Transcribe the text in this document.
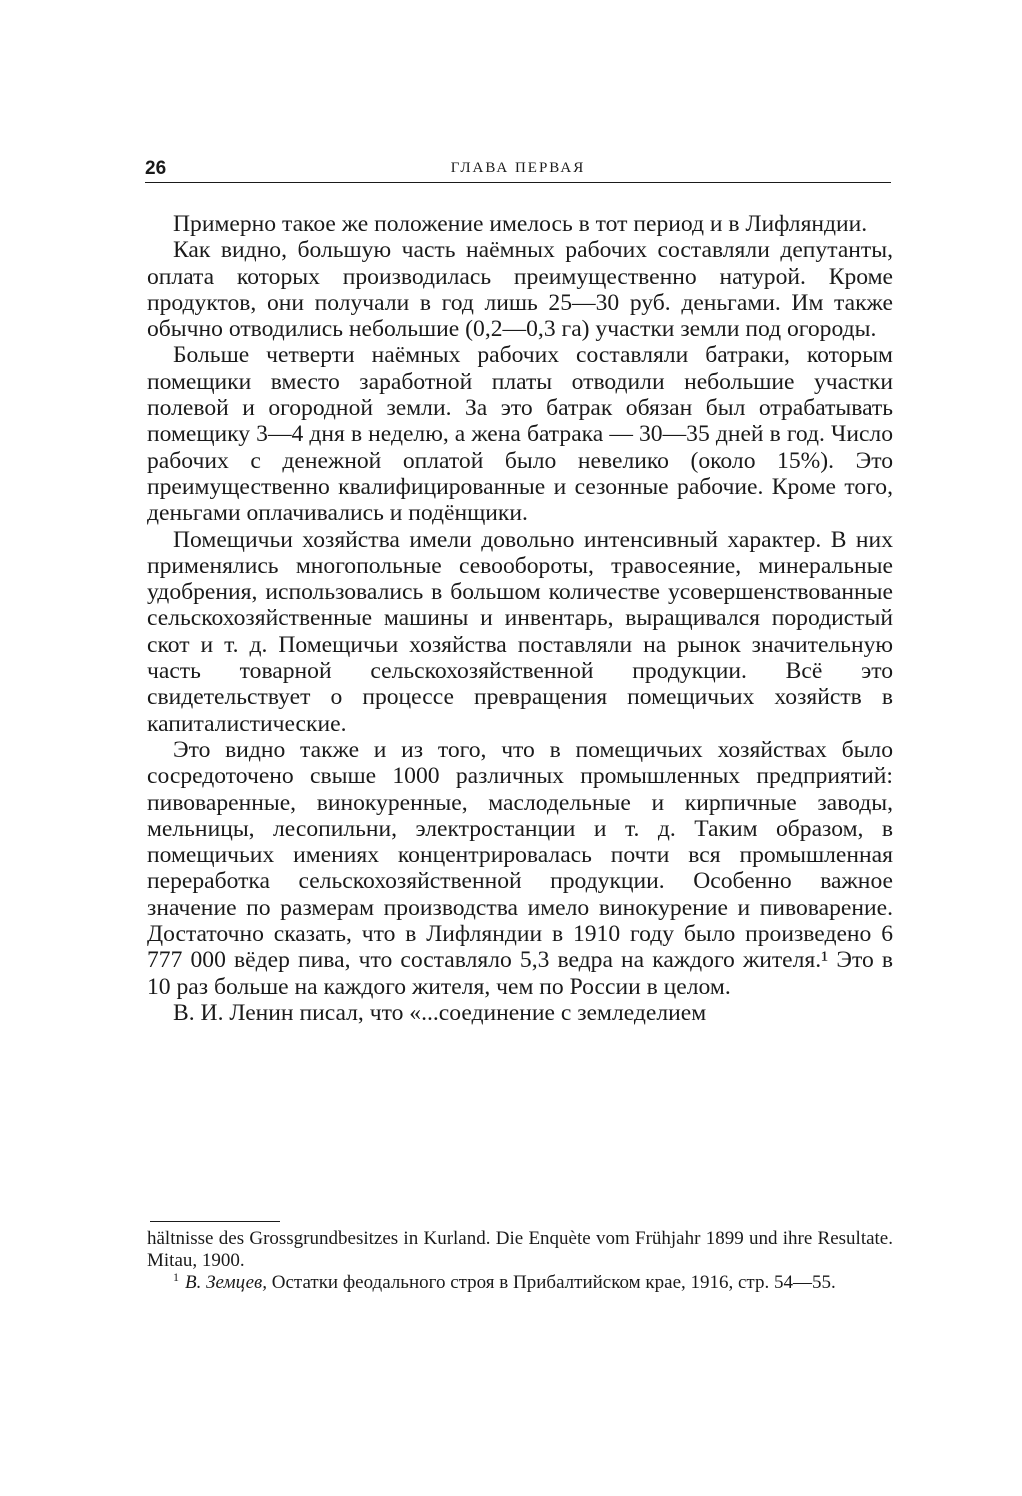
26	ГЛАВА ПЕРВАЯ

Примерно такое же положение имелось в тот период и в Лифляндии.

Как видно, большую часть наёмных рабочих составляли депутанты, оплата которых производилась преимущественно натурой. Кроме продуктов, они получали в год лишь 25—30 руб. деньгами. Им также обычно отводились небольшие (0,2—0,3 га) участки земли под огороды.

Больше четверти наёмных рабочих составляли батраки, которым помещики вместо заработной платы отводили небольшие участки полевой и огородной земли. За это батрак обязан был отрабатывать помещику 3—4 дня в неделю, а жена батрака — 30—35 дней в год. Число рабочих с денежной оплатой было невелико (около 15%). Это преимущественно квалифицированные и сезонные рабочие. Кроме того, деньгами оплачивались и подёнщики.

Помещичьи хозяйства имели довольно интенсивный характер. В них применялись многопольные севообороты, травосеяние, минеральные удобрения, использовались в большом количестве усовершенствованные сельскохозяйственные машины и инвентарь, выращивался породистый скот и т. д. Помещичьи хозяйства поставляли на рынок значительную часть товарной сельскохозяйственной продукции. Всё это свидетельствует о процессе превращения помещичьих хозяйств в капиталистические.

Это видно также и из того, что в помещичьих хозяйствах было сосредоточено свыше 1000 различных промышленных предприятий: пивоваренные, винокуренные, маслодельные и кирпичные заводы, мельницы, лесопильни, электростанции и т. д. Таким образом, в помещичьих имениях концентрировалась почти вся промышленная переработка сельскохозяйственной продукции. Особенно важное значение по размерам производства имело винокурение и пивоварение. Достаточно сказать, что в Лифляндии в 1910 году было произведено 6 777 000 вёдер пива, что составляло 5,3 ведра на каждого жителя.¹ Это в 10 раз больше на каждого жителя, чем по России в целом.

В. И. Ленин писал, что «...соединение с земледелием

hältnisse des Grossgrundbesitzes in Kurland. Die Enquète vom Frühjahr 1899 und ihre Resultate. Mitau, 1900.

$^1$ В. Земцев, Остатки феодального строя в Прибалтийском крае, 1916, стр. 54—55.
